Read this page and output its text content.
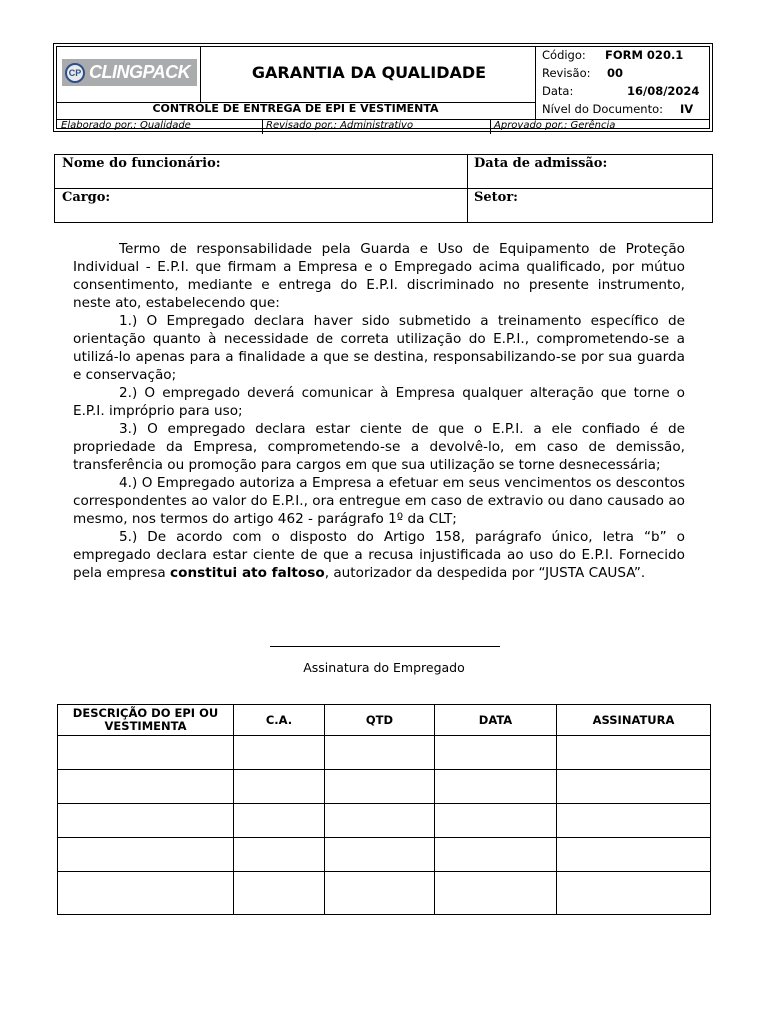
CP CLINGPACK	GARANTIA DA QUALIDADE
CONTROLE DE ENTREGA DE EPI E VESTIMENTA
Código: FORM 020.1
Revisão: 00
Data:	16/08/2024
Nível do Documento: IV
Elaborado por.: Qualidade	Revisado por.: Administrativo	Aprovado por.: Gerência
Nome do funcionário:	Data de admissão:
Cargo:	Setor:

Termo de responsabilidade pela Guarda e Uso de Equipamento de Proteção Individual - E.P.I. que firmam a Empresa e o Empregado acima qualificado, por mútuo consentimento, mediante e entrega do E.P.I. discriminado no presente instrumento, neste ato, estabelecendo que:

1.) O Empregado declara haver sido submetido a treinamento específico de orientação quanto à necessidade de correta utilização do E.P.I., comprometendo-se a utilizá-lo apenas para a finalidade a que se destina, responsabilizando-se por sua guarda e conservação;

2.) O empregado deverá comunicar à Empresa qualquer alteração que torne o E.P.I. impróprio para uso;

3.) O empregado declara estar ciente de que o E.P.I. a ele confiado é de propriedade da Empresa, comprometendo-se a devolvê-lo, em caso de demissão, transferência ou promoção para cargos em que sua utilização se torne desnecessária;

4.) O Empregado autoriza a Empresa a efetuar em seus vencimentos os descontos correspondentes ao valor do E.P.I., ora entregue em caso de extravio ou dano causado ao mesmo, nos termos do artigo 462 - parágrafo 1º da CLT;

5.) De acordo com o disposto do Artigo 158, parágrafo único, letra “b” o empregado declara estar ciente de que a recusa injustificada ao uso do E.P.I. Fornecido pela empresa constitui ato faltoso, autorizador da despedida por “JUSTA CAUSA”.

Assinatura do Empregado
DESCRIÇÃO DO EPI OU VESTIMENTA	C.A.	QTD	DATA	ASSINATURA
